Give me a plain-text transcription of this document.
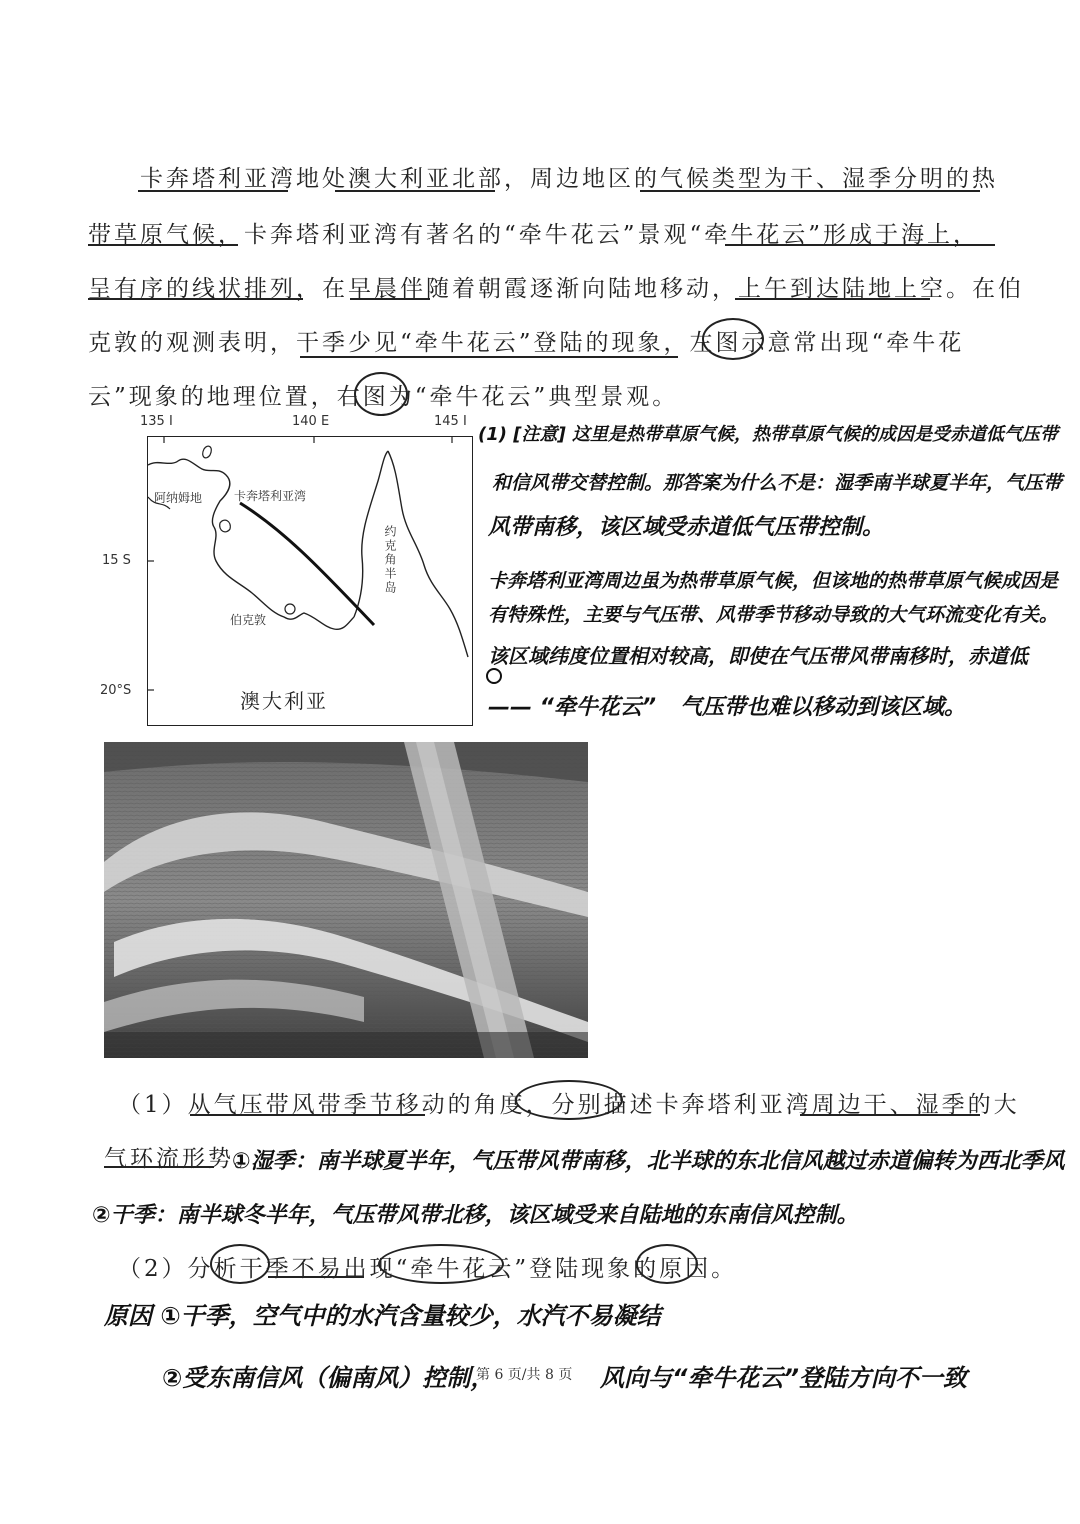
卡奔塔利亚湾地处澳大利亚北部，周边地区的气候类型为干、湿季分明的热
带草原气候，卡奔塔利亚湾有著名的“牵牛花云”景观“牵牛花云”形成于海上，
呈有序的线状排列，在早晨伴随着朝霞逐渐向陆地移动，上午到达陆地上空。在伯
克敦的观测表明，干季少见“牵牛花云”登陆的现象，左图示意常出现“牵牛花
云”现象的地理位置，右图为“牵牛花云”典型景观。
135 I	140 E	145 I
15 S
20°S
阿纳姆地	卡奔塔利亚湾
约克角半岛
伯克敦
澳大利亚
(1) [注意] 这里是热带草原气候，热带草原气候的成因是受赤道低气压带
和信风带交替控制。那答案为什么不是：湿季南半球夏半年，气压带
风带南移，该区域受赤道低气压带控制。
卡奔塔利亚湾周边虽为热带草原气候，但该地的热带草原气候成因是
有特殊性，主要与气压带、风带季节移动导致的大气环流变化有关。
该区域纬度位置相对较高，即使在气压带风带南移时，赤道低
—— “牵牛花云” 气压带也难以移动到该区域。
（1）从气压带风带季节移动的角度，分别描述卡奔塔利亚湾周边干、湿季的大
气环流形势。
①湿季：南半球夏半年，气压带风带南移，北半球的东北信风越过赤道偏转为西北季风
②干季：南半球冬半年，气压带风带北移，该区域受来自陆地的东南信风控制。
（2）分析干季不易出现“牵牛花云”登陆现象的原因。
原因 ①干季，空气中的水汽含量较少，水汽不易凝结
②受东南信风（偏南风）控制，
第 6 页/共 8 页 风向与“牵牛花云”登陆方向不一致
